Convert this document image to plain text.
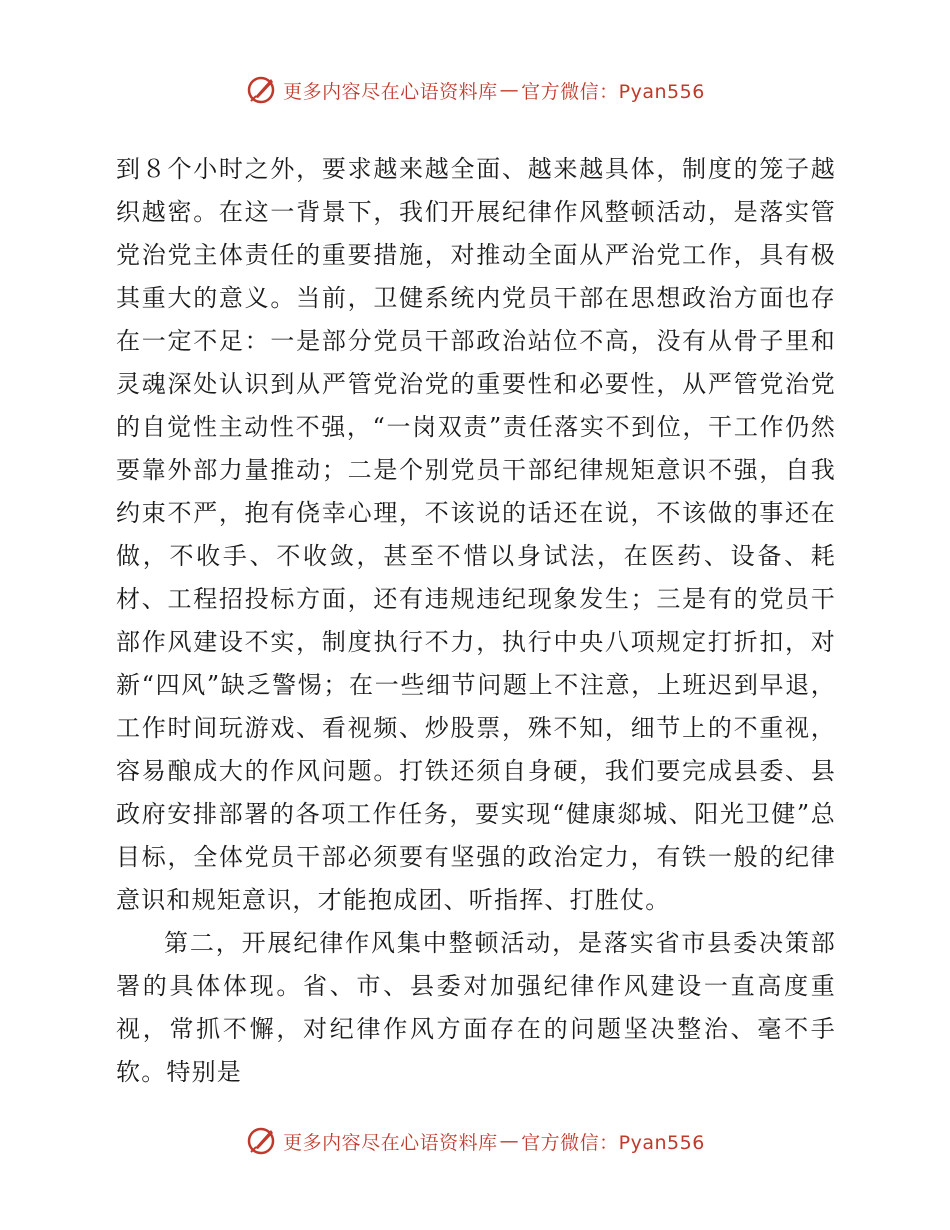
更多内容尽在心语资料库 — 官方微信：Pyan556

到８个小时之外，要求越来越全面、越来越具体，制度的笼子越织越密。在这一背景下，我们开展纪律作风整顿活动，是落实管党治党主体责任的重要措施，对推动全面从严治党工作，具有极其重大的意义。当前，卫健系统内党员干部在思想政治方面也存在一定不足：一是部分党员干部政治站位不高，没有从骨子里和灵魂深处认识到从严管党治党的重要性和必要性，从严管党治党的自觉性主动性不强，“一岗双责”责任落实不到位，干工作仍然要靠外部力量推动；二是个别党员干部纪律规矩意识不强，自我约束不严，抱有侥幸心理，不该说的话还在说，不该做的事还在做，不收手、不收敛，甚至不惜以身试法，在医药、设备、耗材、工程招投标方面，还有违规违纪现象发生；三是有的党员干部作风建设不实，制度执行不力，执行中央八项规定打折扣，对新“四风”缺乏警惕；在一些细节问题上不注意，上班迟到早退，工作时间玩游戏、看视频、炒股票，殊不知，细节上的不重视，容易酿成大的作风问题。打铁还须自身硬，我们要完成县委、县政府安排部署的各项工作任务，要实现“健康郯城、阳光卫健”总目标，全体党员干部必须要有坚强的政治定力，有铁一般的纪律意识和规矩意识，才能抱成团、听指挥、打胜仗。

第二，开展纪律作风集中整顿活动，是落实省市县委决策部署的具体体现。省、市、县委对加强纪律作风建设一直高度重视，常抓不懈，对纪律作风方面存在的问题坚决整治、毫不手软。特别是

更多内容尽在心语资料库 — 官方微信：Pyan556
